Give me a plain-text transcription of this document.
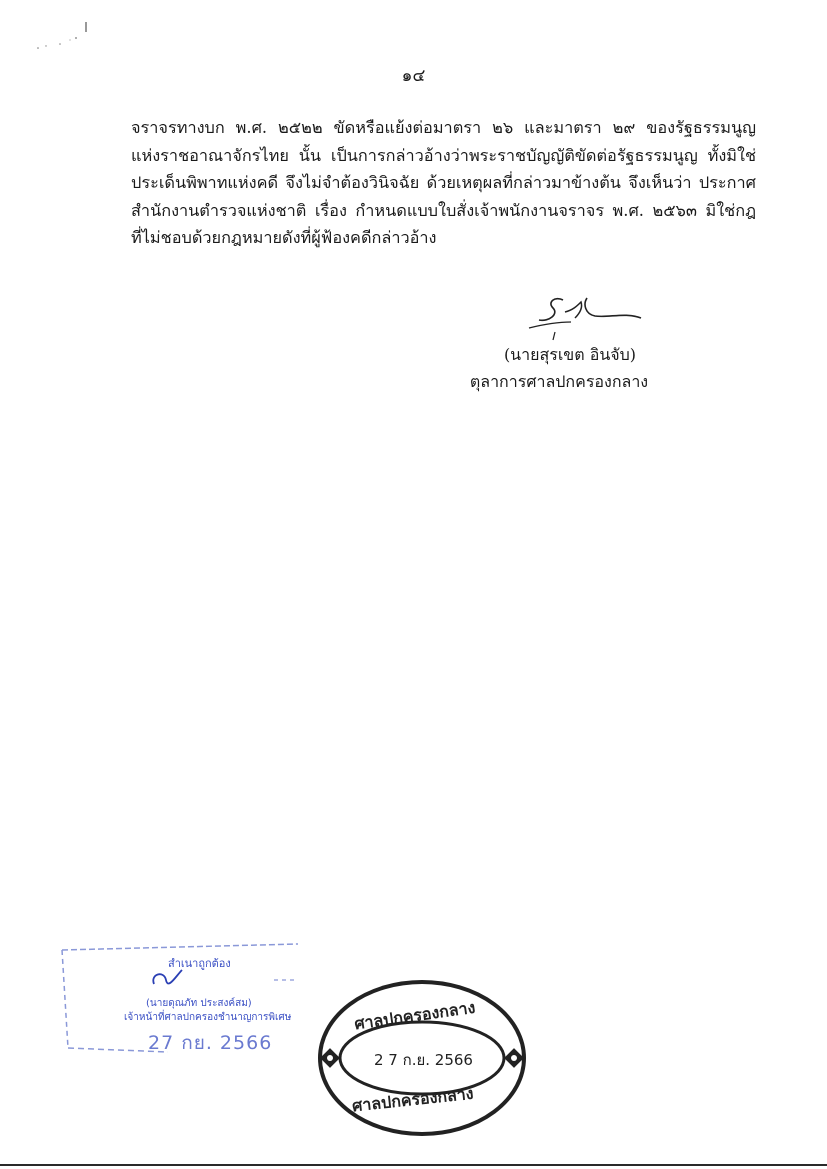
๑๔
จราจรทางบก พ.ศ. ๒๕๒๒ ขัดหรือแย้งต่อมาตรา ๒๖ และมาตรา ๒๙ ของรัฐธรรมนูญ
แห่งราชอาณาจักรไทย นั้น เป็นการกล่าวอ้างว่าพระราชบัญญัติขัดต่อรัฐธรรมนูญ ทั้งมิใช่
ประเด็นพิพาทแห่งคดี จึงไม่จำต้องวินิจฉัย ด้วยเหตุผลที่กล่าวมาข้างต้น จึงเห็นว่า ประกาศ
สำนักงานตำรวจแห่งชาติ เรื่อง กำหนดแบบใบสั่งเจ้าพนักงานจราจร พ.ศ. ๒๕๖๓ มิใช่กฎ
ที่ไม่ชอบด้วยกฎหมายดังที่ผู้ฟ้องคดีกล่าวอ้าง
(นายสุรเขต อินจับ)
ตุลาการศาลปกครองกลาง
สำเนาถูกต้อง
(นายดุณภัท ประสงค์สม)
เจ้าหน้าที่ศาลปกครองชำนาญการพิเศษ
27 กย. 2566
ศาลปกครองกลาง
2 7 ก.ย. 2566
ศาลปกครองกลาง
